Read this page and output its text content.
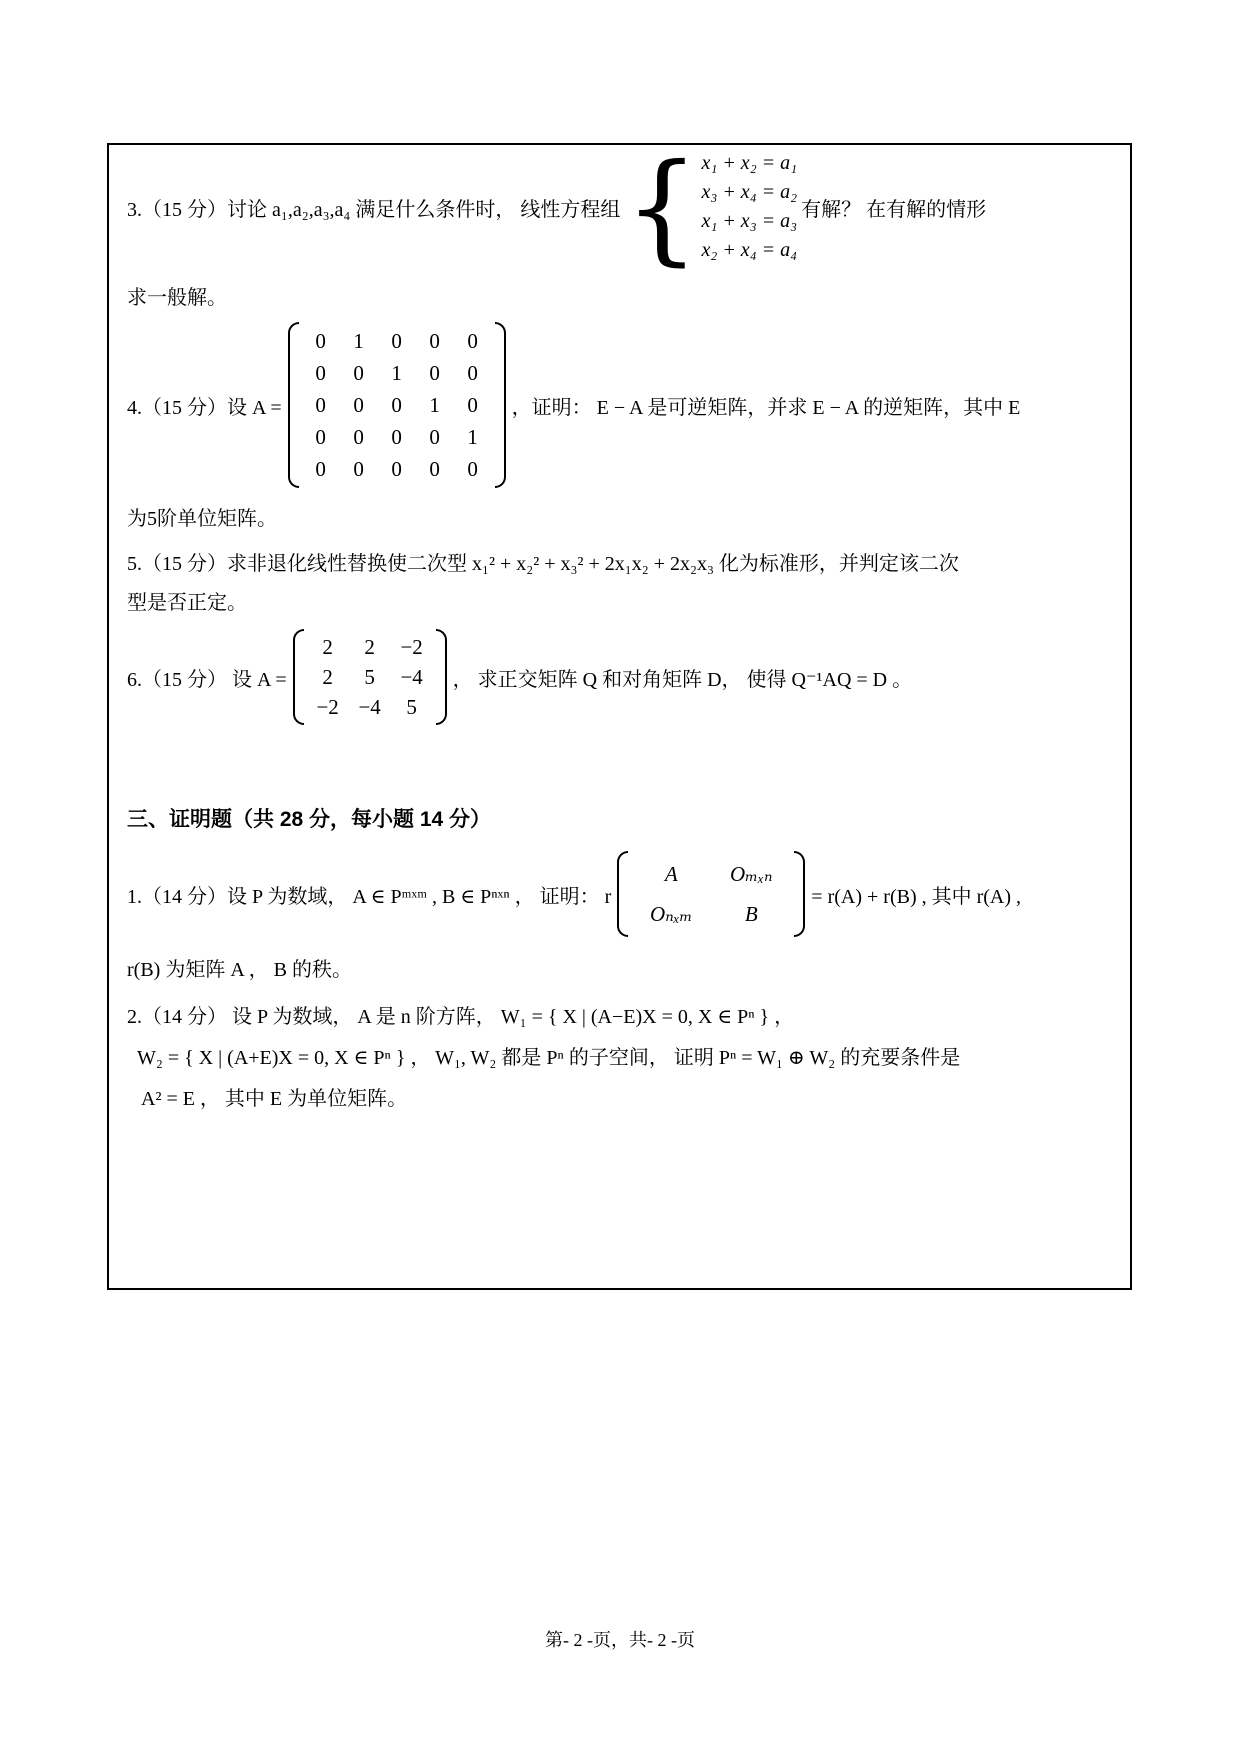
3.（15 分）讨论 a₁,a₂,a₃,a₄ 满足什么条件时， 线性方程组 { x₁ + x₂ = a₁
x₃ + x₄ = a₂
x₁ + x₃ = a₃
x₂ + x₄ = a₄
有解？ 在有解的情形
求一般解。
4.（15 分）设 A =
0	1	0	0	0
0	0	1	0	0
0	0	0	1	0
0	0	0	0	1
0	0	0	0	0
，证明： E − A 是可逆矩阵，并求 E − A 的逆矩阵，其中 E
为5阶单位矩阵。
5.（15 分）求非退化线性替换使二次型 x₁² + x₂² + x₃² + 2x₁x₂ + 2x₂x₃ 化为标准形，并判定该二次
型是否正定。
6.（15 分） 设 A =
2	2	−2
2	5	−4
−2 −4	5
， 求正交矩阵 Q 和对角矩阵 D， 使得 Q⁻¹AQ = D 。
三、证明题（共 28 分，每小题 14 分）
1.（14 分）设 P 为数域， A ∈ Pᵐˣᵐ , B ∈ Pⁿˣⁿ ， 证明： r
A	Oₘₓₙ
Oₙₓₘ	B
= r(A) + r(B) , 其中 r(A) ,
r(B) 为矩阵 A ， B 的秩。
2.（14 分） 设 P 为数域， A 是 n 阶方阵， W₁ = { X | (A−E)X = 0, X ∈ Pⁿ } ，
W₂ = { X | (A+E)X = 0, X ∈ Pⁿ } ， W₁, W₂ 都是 Pⁿ 的子空间， 证明 Pⁿ = W₁ ⊕ W₂ 的充要条件是
A² = E ， 其中 E 为单位矩阵。
第- 2 -页，共- 2 -页
